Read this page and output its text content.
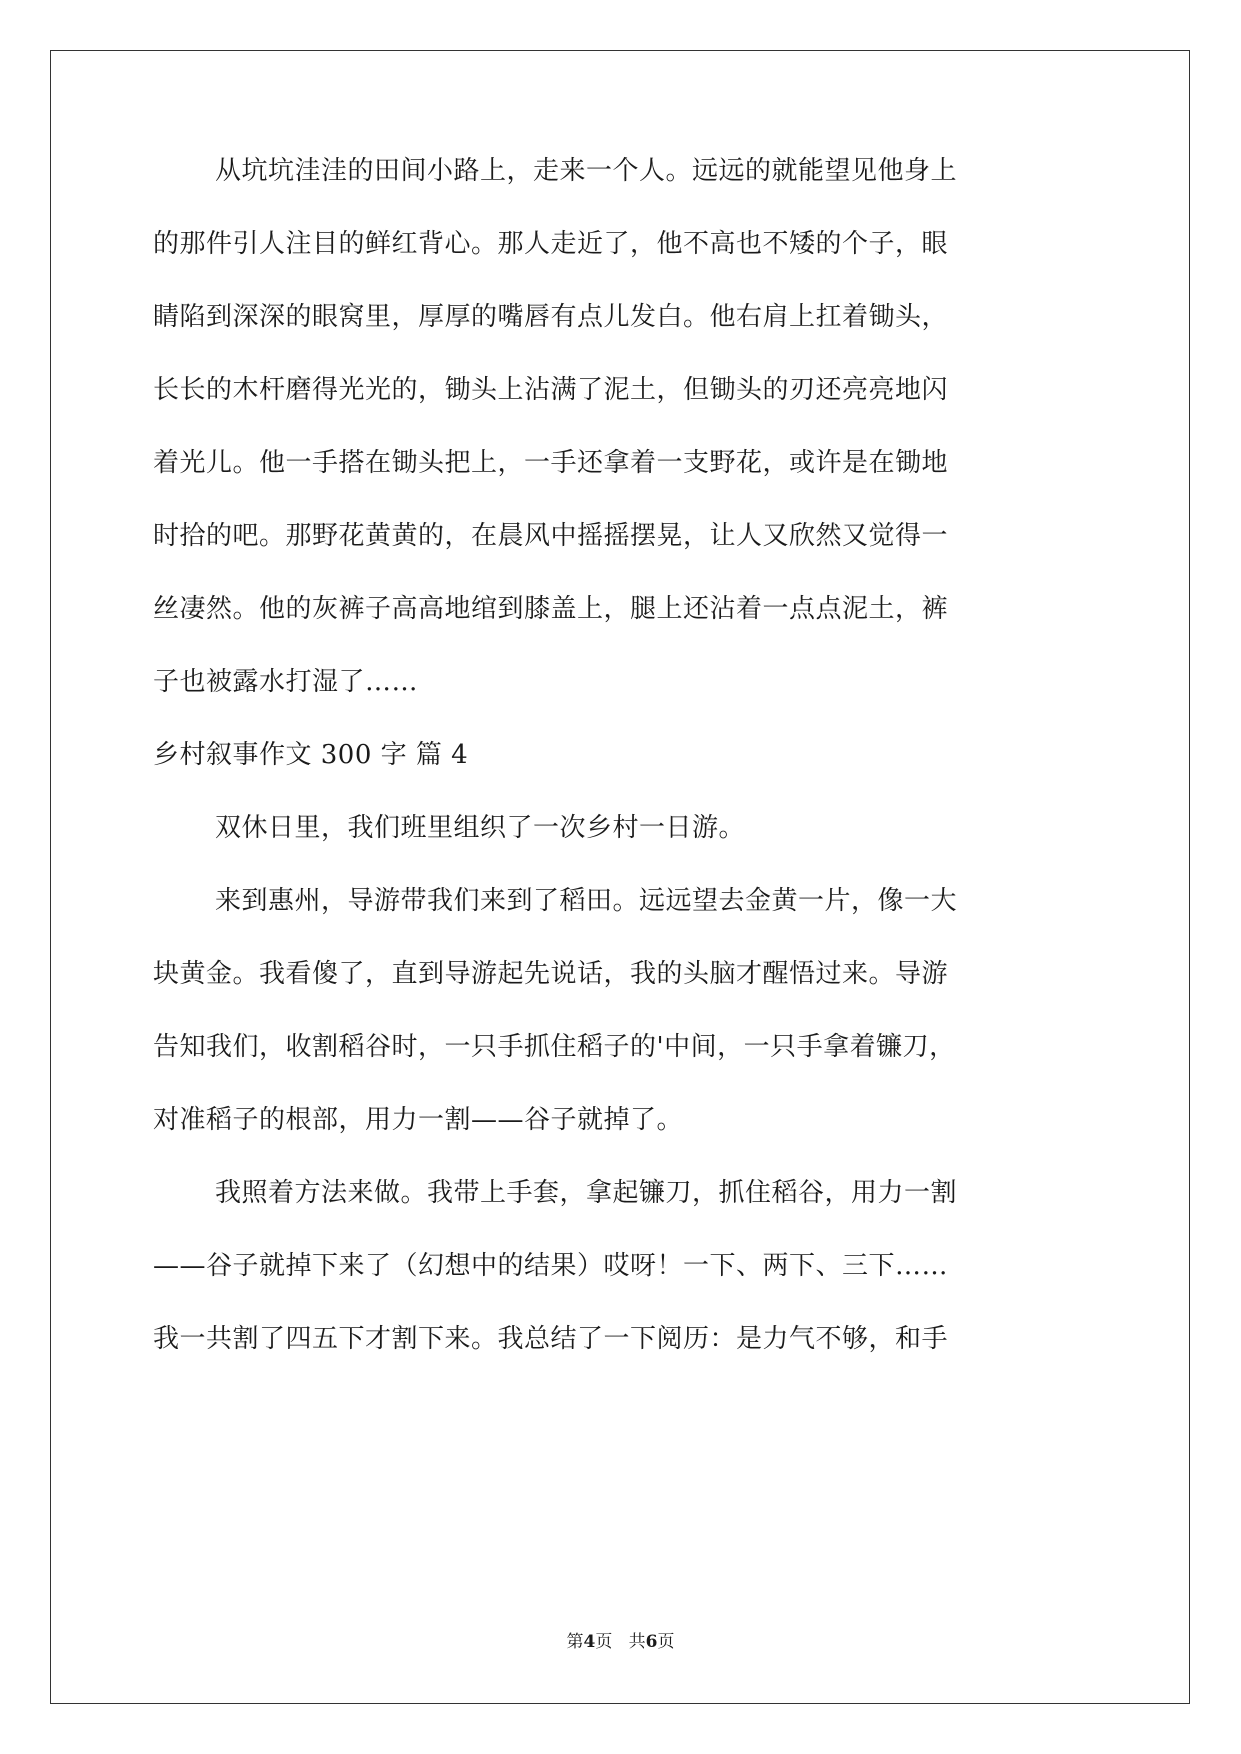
从坑坑洼洼的田间小路上，走来一个人。远远的就能望见他身上
的那件引人注目的鲜红背心。那人走近了，他不高也不矮的个子，眼
睛陷到深深的眼窝里，厚厚的嘴唇有点儿发白。他右肩上扛着锄头，
长长的木杆磨得光光的，锄头上沾满了泥土，但锄头的刃还亮亮地闪
着光儿。他一手搭在锄头把上，一手还拿着一支野花，或许是在锄地
时拾的吧。那野花黄黄的，在晨风中摇摇摆晃，让人又欣然又觉得一
丝凄然。他的灰裤子高高地绾到膝盖上，腿上还沾着一点点泥土，裤
子也被露水打湿了……
乡村叙事作文 300 字 篇 4
双休日里，我们班里组织了一次乡村一日游。
来到惠州，导游带我们来到了稻田。远远望去金黄一片，像一大
块黄金。我看傻了，直到导游起先说话，我的头脑才醒悟过来。导游
告知我们，收割稻谷时，一只手抓住稻子的'中间，一只手拿着镰刀，
对准稻子的根部，用力一割——谷子就掉了。
我照着方法来做。我带上手套，拿起镰刀，抓住稻谷，用力一割
——谷子就掉下来了（幻想中的结果）哎呀！一下、两下、三下……
我一共割了四五下才割下来。我总结了一下阅历：是力气不够，和手
第4页   共6页
